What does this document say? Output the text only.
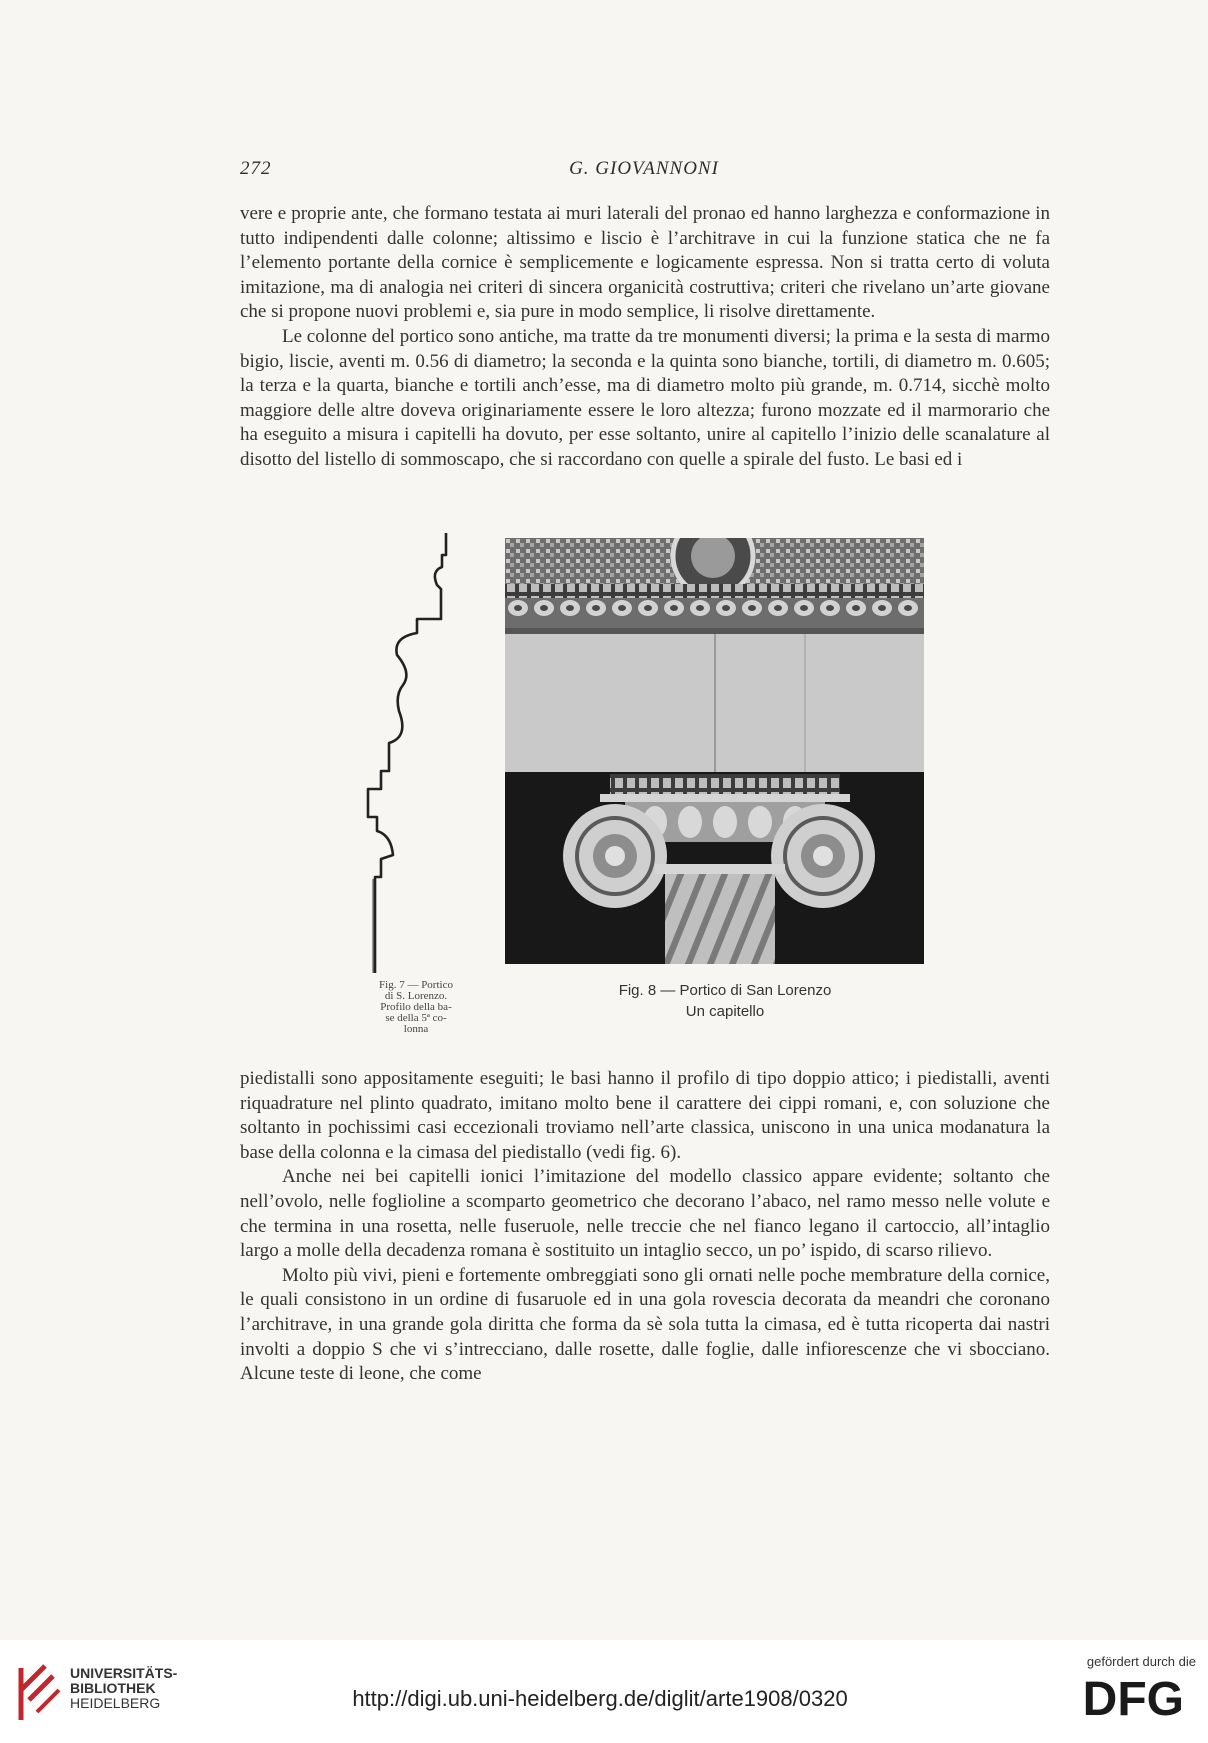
272	G. GIOVANNONI

vere e proprie ante, che formano testata ai muri laterali del pronao ed hanno larghezza e conformazione in tutto indipendenti dalle colonne; altissimo e liscio è l’architrave in cui la funzione statica che ne fa l’elemento portante della cornice è semplicemente e logicamente espressa. Non si tratta certo di voluta imitazione, ma di analogia nei criteri di sincera organicità costruttiva; criteri che rivelano un’arte giovane che si propone nuovi problemi e, sia pure in modo semplice, li risolve direttamente.

Le colonne del portico sono antiche, ma tratte da tre monumenti diversi; la prima e la sesta di marmo bigio, liscie, aventi m. 0.56 di diametro; la seconda e la quinta sono bianche, tortili, di diametro m. 0.605; la terza e la quarta, bianche e tortili anch’esse, ma di diametro molto più grande, m. 0.714, sicchè molto maggiore delle altre doveva originariamente essere le loro altezza; furono mozzate ed il marmorario che ha eseguito a misura i capitelli ha dovuto, per esse soltanto, unire al capitello l’inizio delle scanalature al disotto del listello di sommoscapo, che si raccordano con quelle a spirale del fusto. Le basi ed i

Fig. 7 — Portico
di S. Lorenzo.
Profilo della ba-
se della 5ª co-
lonna
Fig. 8 — Portico di San Lorenzo
Un capitello

piedistalli sono appositamente eseguiti; le basi hanno il profilo di tipo doppio attico; i piedistalli, aventi riquadrature nel plinto quadrato, imitano molto bene il carattere dei cippi romani, e, con soluzione che soltanto in pochissimi casi eccezionali troviamo nell’arte classica, uniscono in una unica modanatura la base della colonna e la cimasa del piedistallo (vedi fig. 6).

Anche nei bei capitelli ionici l’imitazione del modello classico appare evidente; soltanto che nell’ovolo, nelle foglioline a scomparto geometrico che decorano l’abaco, nel ramo messo nelle volute e che termina in una rosetta, nelle fuseruole, nelle treccie che nel fianco legano il cartoccio, all’intaglio largo a molle della decadenza romana è sostituito un intaglio secco, un po’ ispido, di scarso rilievo.

Molto più vivi, pieni e fortemente ombreggiati sono gli ornati nelle poche membrature della cornice, le quali consistono in un ordine di fusaruole ed in una gola rovescia decorata da meandri che coronano l’architrave, in una grande gola diritta che forma da sè sola tutta la cimasa, ed è tutta ricoperta dai nastri involti a doppio S che vi s’intrecciano, dalle rosette, dalle foglie, dalle infiorescenze che vi sbocciano. Alcune teste di leone, che come

UNIVERSITÄTS-
BIBLIOTHEK
HEIDELBERG	http://digi.ub.uni-heidelberg.de/diglit/arte1908/0320
gefördert durch die
DFG
